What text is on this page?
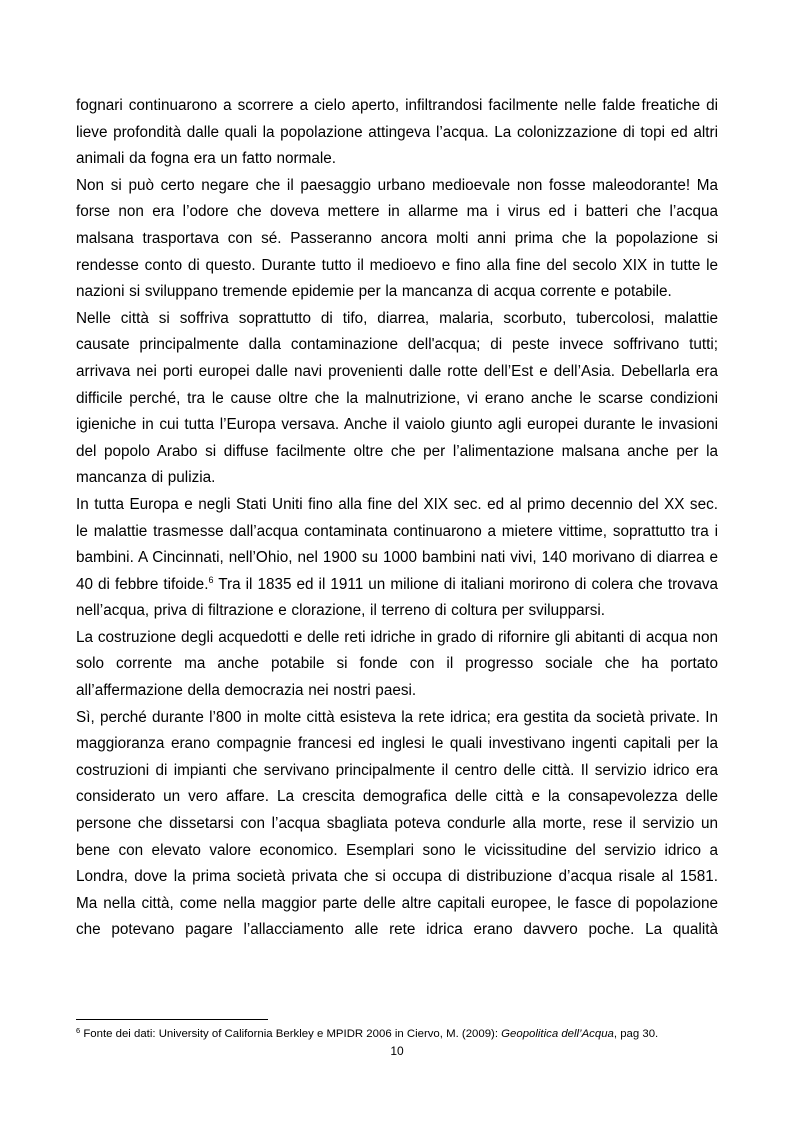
fognari continuarono a scorrere a cielo aperto, infiltrandosi facilmente nelle falde freatiche di lieve profondità dalle quali la popolazione attingeva l’acqua. La colonizzazione di topi ed altri animali da fogna era un fatto normale.

Non si può certo negare che il paesaggio urbano medioevale non fosse maleodorante! Ma forse non era l’odore che doveva mettere in allarme ma i virus ed i batteri che l’acqua malsana trasportava con sé. Passeranno ancora molti anni prima che la popolazione si rendesse conto di questo. Durante tutto il medioevo e fino alla fine del secolo XIX in tutte le nazioni si sviluppano tremende epidemie per la mancanza di acqua corrente e potabile.

Nelle città si soffriva soprattutto di tifo, diarrea, malaria, scorbuto, tubercolosi, malattie causate principalmente dalla contaminazione dell'acqua; di peste invece soffrivano tutti; arrivava nei porti europei dalle navi provenienti dalle rotte dell’Est e dell’Asia. Debellarla era difficile perché, tra le cause oltre che la malnutrizione, vi erano anche le scarse condizioni igieniche in cui tutta l’Europa versava. Anche il vaiolo giunto agli europei durante le invasioni del popolo Arabo si diffuse facilmente oltre che per l’alimentazione malsana anche per la mancanza di pulizia.

In tutta Europa e negli Stati Uniti fino alla fine del XIX sec. ed al primo decennio del XX sec. le malattie trasmesse dall’acqua contaminata continuarono a mietere vittime, soprattutto tra i bambini. A Cincinnati, nell’Ohio, nel 1900 su 1000 bambini nati vivi, 140 morivano di diarrea e 40 di febbre tifoide.$^6$ Tra il 1835 ed il 1911 un milione di italiani morirono di colera che trovava nell’acqua, priva di filtrazione e clorazione, il terreno di coltura per svilupparsi.

La costruzione degli acquedotti e delle reti idriche in grado di rifornire gli abitanti di acqua non solo corrente ma anche potabile si fonde con il progresso sociale che ha portato all’affermazione della democrazia nei nostri paesi.

Sì, perché durante l’800 in molte città esisteva la rete idrica; era gestita da società private. In maggioranza erano compagnie francesi ed inglesi le quali investivano ingenti capitali per la costruzioni di impianti che servivano principalmente il centro delle città. Il servizio idrico era considerato un vero affare. La crescita demografica delle città e la consapevolezza delle persone che dissetarsi con l’acqua sbagliata poteva condurle alla morte, rese il servizio un bene con elevato valore economico. Esemplari sono le vicissitudine del servizio idrico a Londra, dove la prima società privata che si occupa di distribuzione d’acqua risale al 1581. Ma nella città, come nella maggior parte delle altre capitali europee, le fasce di popolazione che potevano pagare l’allacciamento alle rete idrica erano davvero poche. La qualità

$^6$ Fonte dei dati: University of California Berkley e MPIDR 2006 in Ciervo, M. (2009): Geopolitica dell’Acqua, pag 30.
10
